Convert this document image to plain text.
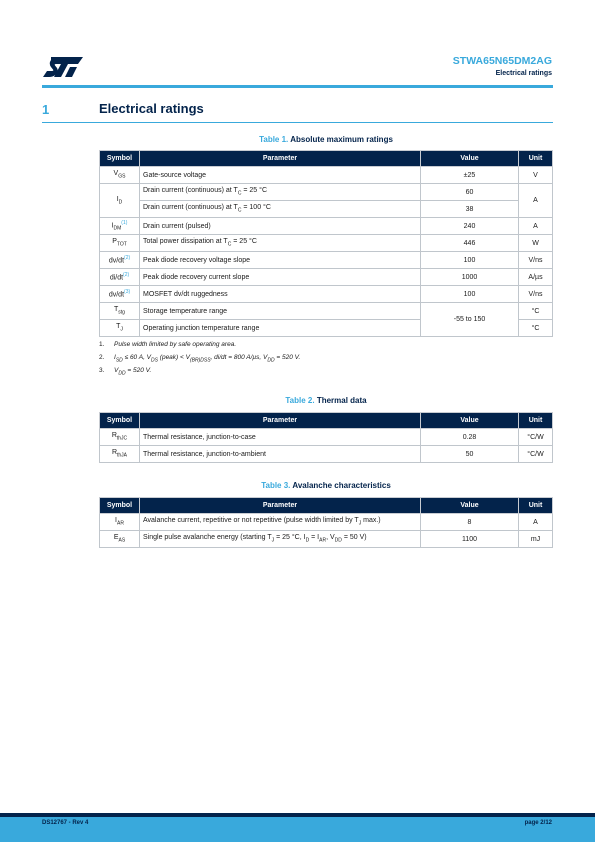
STWA65N65DM2AG
Electrical ratings
1	Electrical ratings
Table 1. Absolute maximum ratings
Symbol	Parameter	Value	Unit
$V_{GS}$	Gate-source voltage	±25	V
$I_D$	Drain current (continuous) at $T_C = 25$ °C	60	A
	Drain current (continuous) at $T_C = 100$ °C	38	
$I_{DM}^{(1)}$	Drain current (pulsed)	240	A
$P_{TOT}$	Total power dissipation at $T_C = 25$ °C	446	W
$dv/dt^{(2)}$	Peak diode recovery voltage slope	100	V/ns
$di/dt^{(2)}$	Peak diode recovery current slope	1000	A/µs
$dv/dt^{(3)}$	MOSFET dv/dt ruggedness	100	V/ns
$T_{stg}$	Storage temperature range	-55 to 150	°C
$T_J$	Operating junction temperature range		°C
1. Pulse width limited by safe operating area.
2. $I_{SD} \le 60$ A, $V_{DS}$ (peak) < $V_{(BR)DSS}$, di/dt = 800 A/µs, $V_{DD} = 520$ V.
3. $V_{DD} = 520$ V.
Table 2. Thermal data
Symbol	Parameter	Value	Unit
$R_{thJC}$	Thermal resistance, junction-to-case	0.28	°C/W
$R_{thJA}$	Thermal resistance, junction-to-ambient	50	°C/W
Table 3. Avalanche characteristics
Symbol	Parameter	Value	Unit
$I_{AR}$	Avalanche current, repetitive or not repetitive (pulse width limited by $T_J$ max.)	8	A
$E_{AS}$	Single pulse avalanche energy (starting $T_J = 25$ °C, $I_D = I_{AR}$, $V_{DD} = 50$ V)	1100	mJ
DS12767 - Rev 4	page 2/12
